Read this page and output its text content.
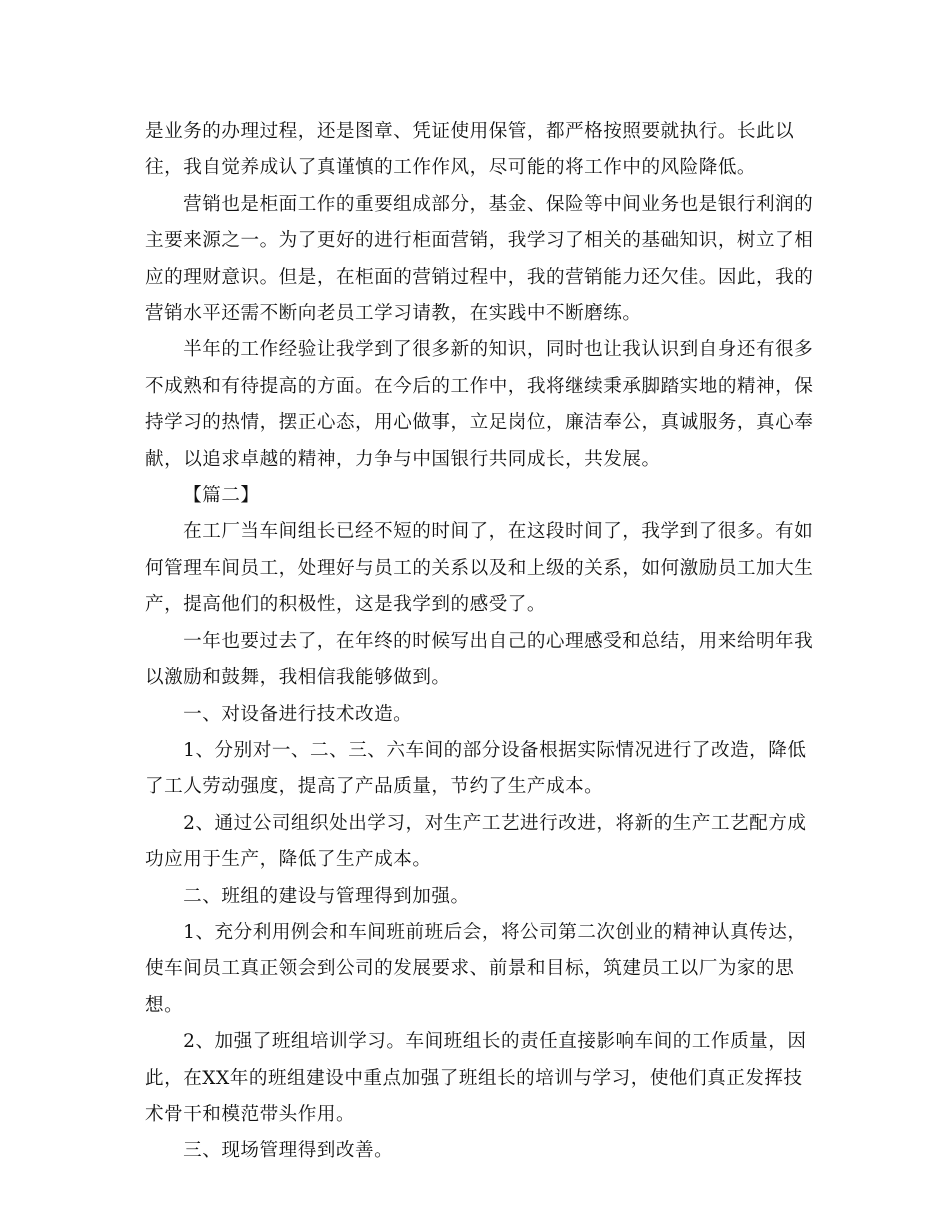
是业务的办理过程，还是图章、凭证使用保管，都严格按照要就执行。长此以往，我自觉养成认了真谨慎的工作作风，尽可能的将工作中的风险降低。

营销也是柜面工作的重要组成部分，基金、保险等中间业务也是银行利润的主要来源之一。为了更好的进行柜面营销，我学习了相关的基础知识，树立了相应的理财意识。但是，在柜面的营销过程中，我的营销能力还欠佳。因此，我的营销水平还需不断向老员工学习请教，在实践中不断磨练。

半年的工作经验让我学到了很多新的知识，同时也让我认识到自身还有很多不成熟和有待提高的方面。在今后的工作中，我将继续秉承脚踏实地的精神，保持学习的热情，摆正心态，用心做事，立足岗位，廉洁奉公，真诚服务，真心奉献，以追求卓越的精神，力争与中国银行共同成长，共发展。

【篇二】

在工厂当车间组长已经不短的时间了，在这段时间了，我学到了很多。有如何管理车间员工，处理好与员工的关系以及和上级的关系，如何激励员工加大生产，提高他们的积极性，这是我学到的感受了。

一年也要过去了，在年终的时候写出自己的心理感受和总结，用来给明年我以激励和鼓舞，我相信我能够做到。

一、对设备进行技术改造。

1、分别对一、二、三、六车间的部分设备根据实际情况进行了改造，降低了工人劳动强度，提高了产品质量，节约了生产成本。

2、通过公司组织处出学习，对生产工艺进行改进，将新的生产工艺配方成功应用于生产，降低了生产成本。

二、班组的建设与管理得到加强。

1、充分利用例会和车间班前班后会，将公司第二次创业的精神认真传达，使车间员工真正领会到公司的发展要求、前景和目标，筑建员工以厂为家的思想。

2、加强了班组培训学习。车间班组长的责任直接影响车间的工作质量，因此，在XX年的班组建设中重点加强了班组长的培训与学习，使他们真正发挥技术骨干和模范带头作用。

三、现场管理得到改善。
